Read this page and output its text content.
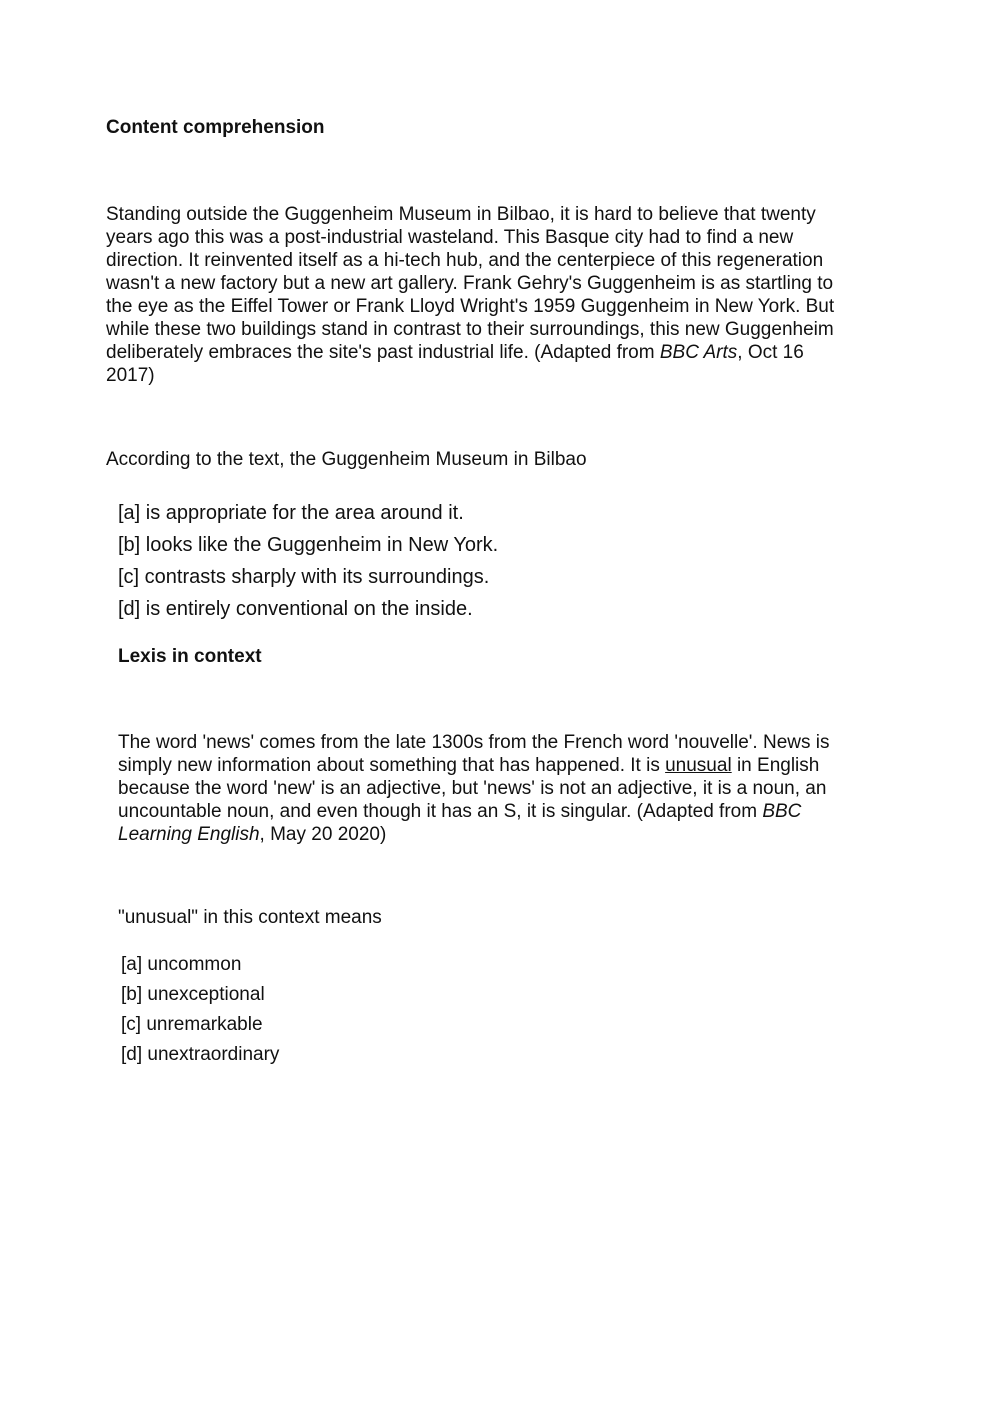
Content comprehension

Standing outside the Guggenheim Museum in Bilbao, it is hard to believe that twenty years ago this was a post-industrial wasteland. This Basque city had to find a new direction. It reinvented itself as a hi-tech hub, and the centerpiece of this regeneration wasn't a new factory but a new art gallery. Frank Gehry's Guggenheim is as startling to the eye as the Eiffel Tower or Frank Lloyd Wright's 1959 Guggenheim in New York. But while these two buildings stand in contrast to their surroundings, this new Guggenheim deliberately embraces the site's past industrial life. (Adapted from BBC Arts, Oct 16 2017)

According to the text, the Guggenheim Museum in Bilbao

[a] is appropriate for the area around it.
[b] looks like the Guggenheim in New York.
[c] contrasts sharply with its surroundings.
[d] is entirely conventional on the inside.
Lexis in context

The word 'news' comes from the late 1300s from the French word 'nouvelle'. News is simply new information about something that has happened. It is unusual in English because the word 'new' is an adjective, but 'news' is not an adjective, it is a noun, an uncountable noun, and even though it has an S, it is singular. (Adapted from BBC Learning English, May 20 2020)

"unusual" in this context means

[a] uncommon
[b] unexceptional
[c] unremarkable
[d] unextraordinary
